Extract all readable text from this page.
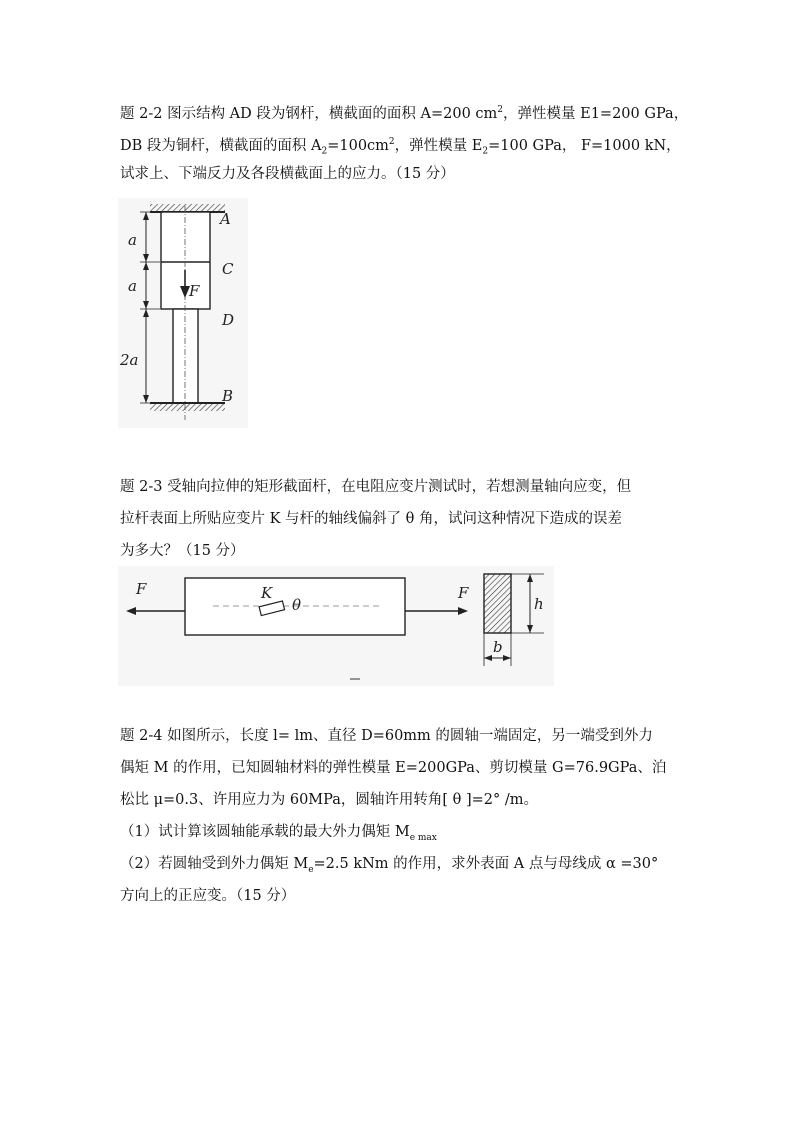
题 2-2 图示结构 AD 段为钢杆，横截面的面积 A=200 $cm^2$，弹性模量 E1=200 GPa，
DB 段为铜杆，横截面的面积 $A_2=100cm^2$，弹性模量 $E_2=100$ GPa， F=1000 kN，
试求上、下端反力及各段横截面上的应力。（15 分）
a
a
2a
A
C
D
B
F
题 2-3 受轴向拉伸的矩形截面杆，在电阻应变片测试时，若想测量轴向应变，但
拉杆表面上所贴应变片 K 与杆的轴线偏斜了 θ 角，试问这种情况下造成的误差
为多大？（15 分）
F	F
K
θ	h
b
题 2-4 如图所示，长度 l= lm、直径 D=60mm 的圆轴一端固定，另一端受到外力
偶矩 M 的作用，已知圆轴材料的弹性模量 E=200GPa、剪切模量 G=76.9GPa、泊
松比 μ=0.3、许用应力为 60MPa，圆轴许用转角[ θ ]=2° /m。
（1）试计算该圆轴能承载的最大外力偶矩 $M_{e max}$
（2）若圆轴受到外力偶矩 $M_e=2.5$ kNm 的作用，求外表面 A 点与母线成 α =30°
方向上的正应变。（15 分）
